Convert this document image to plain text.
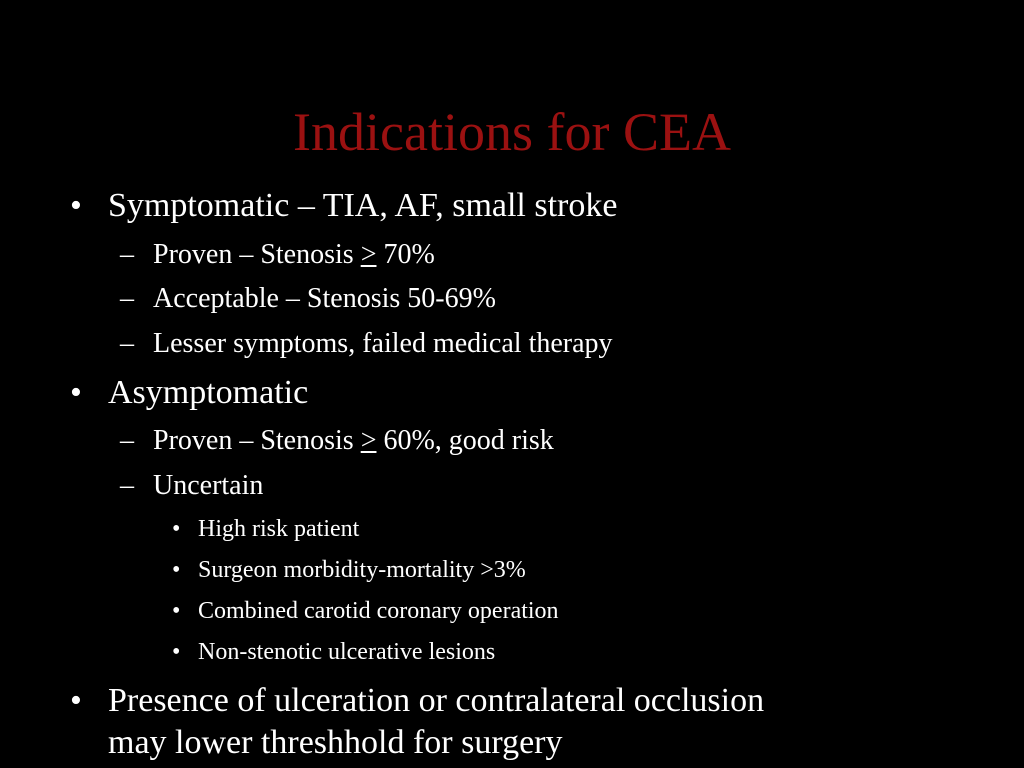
Indications for CEA
• Symptomatic – TIA, AF, small stroke
– Proven – Stenosis ≥ 70%
– Acceptable – Stenosis 50-69%
– Lesser symptoms, failed medical therapy
• Asymptomatic
– Proven – Stenosis ≥ 60%, good risk
– Uncertain
• High risk patient
• Surgeon morbidity-mortality >3%
• Combined carotid coronary operation
• Non-stenotic ulcerative lesions
• Presence of ulceration or contralateral occlusion
may lower threshhold for surgery
